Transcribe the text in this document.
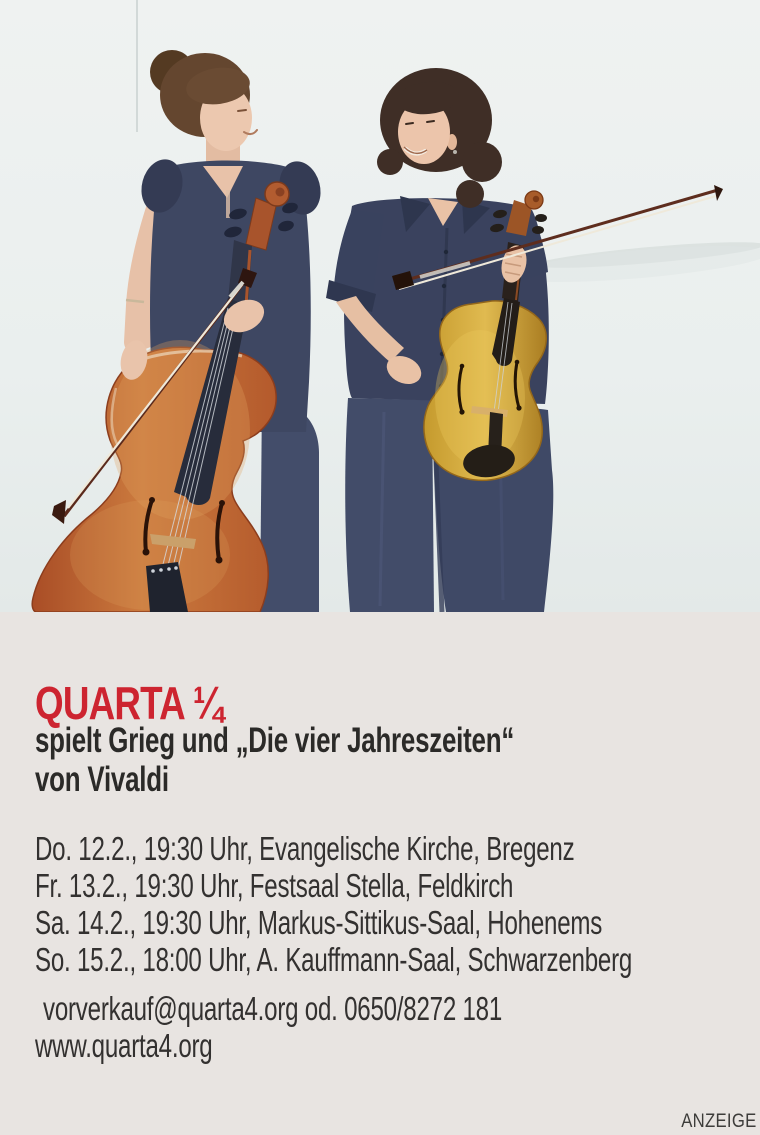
QUARTA ¼
spielt Grieg und „Die vier Jahreszeiten“
von Vivaldi
Do. 12.2., 19:30 Uhr, Evangelische Kirche, Bregenz
Fr. 13.2., 19:30 Uhr, Festsaal Stella, Feldkirch
Sa. 14.2., 19:30 Uhr, Markus-Sittikus-Saal, Hohenems
So. 15.2., 18:00 Uhr, A. Kauffmann-Saal, Schwarzenberg
vorverkauf@quarta4.org od. 0650/8272 181
www.quarta4.org
ANZEIGE
